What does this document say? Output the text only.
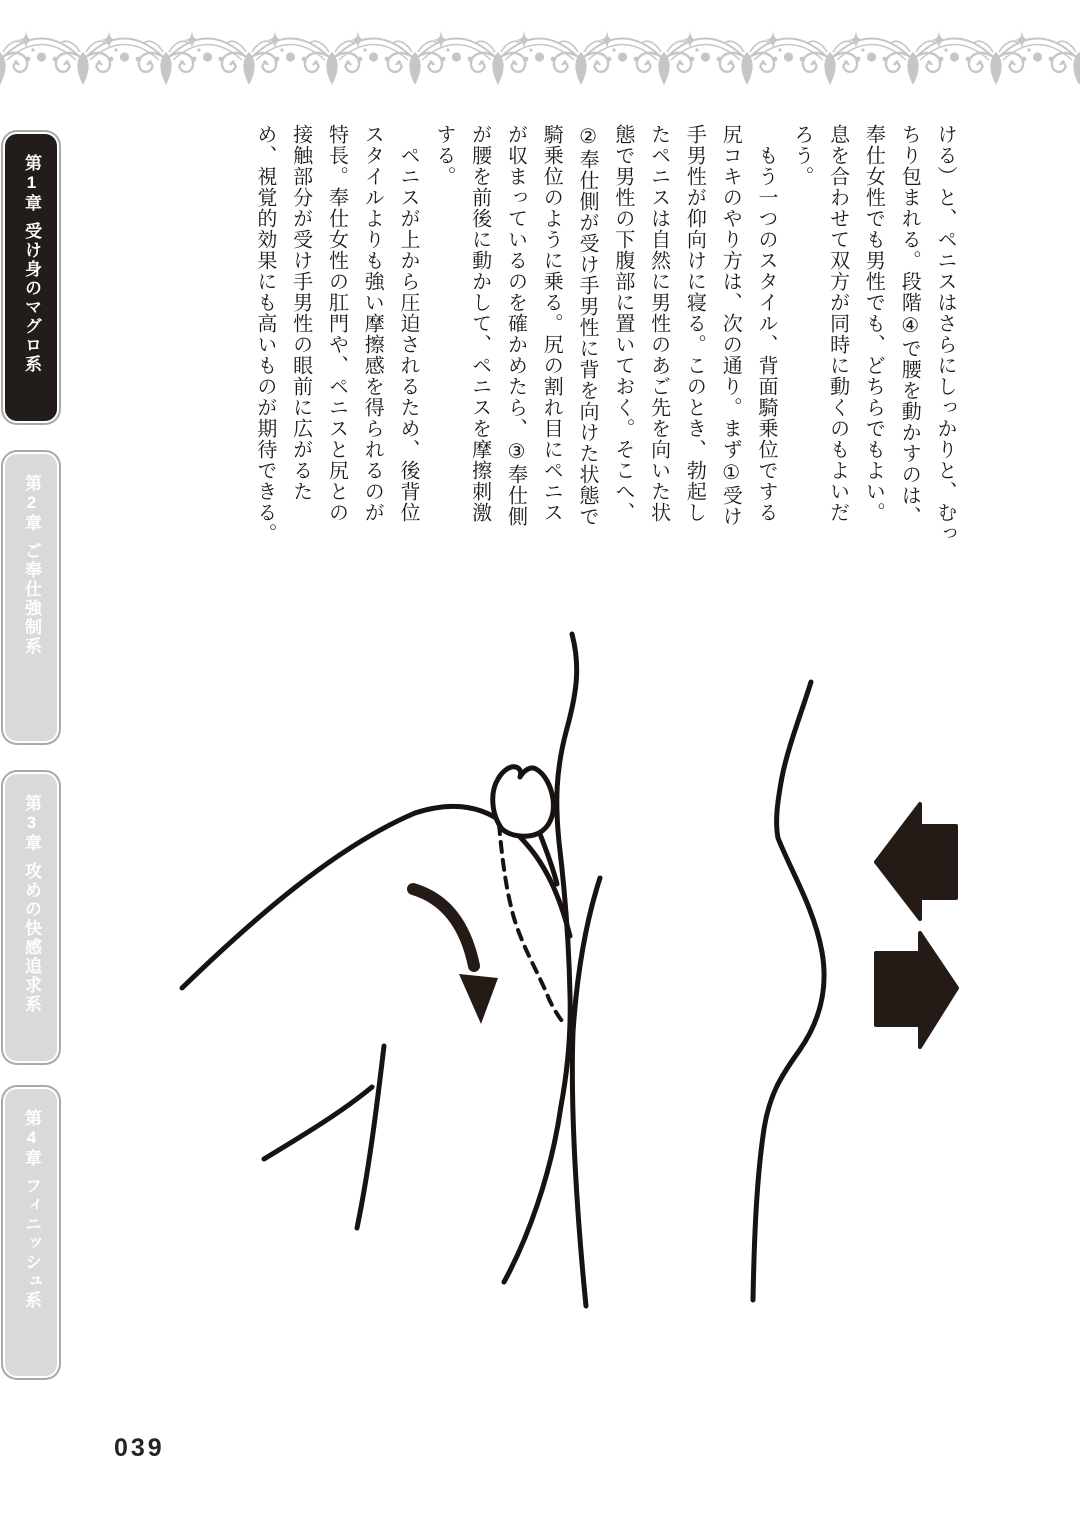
第1章受け身のマグロ系
第2章ご奉仕強制系
第3章攻めの快感追求系
第4章フィニッシュ系

ける）と、ペニスはさらにしっかりと、むっ

ちり包まれる。段階④で腰を動かすのは、

奉仕女性でも男性でも、どちらでもよい。

息を合わせて双方が同時に動くのもよいだ

ろう。

　もう一つのスタイル、背面騎乗位でする

尻コキのやり方は、次の通り。まず①受け

手男性が仰向けに寝る。このとき、勃起し

たペニスは自然に男性のあご先を向いた状

態で男性の下腹部に置いておく。そこへ、

②奉仕側が受け手男性に背を向けた状態で

騎乗位のように乗る。尻の割れ目にペニス

が収まっているのを確かめたら、③奉仕側

が腰を前後に動かして、ペニスを摩擦刺激

する。

　ペニスが上から圧迫されるため、後背位

スタイルよりも強い摩擦感を得られるのが

特長。奉仕女性の肛門や、ペニスと尻との

接触部分が受け手男性の眼前に広がるた

め、視覚的効果にも高いものが期待できる。

039
